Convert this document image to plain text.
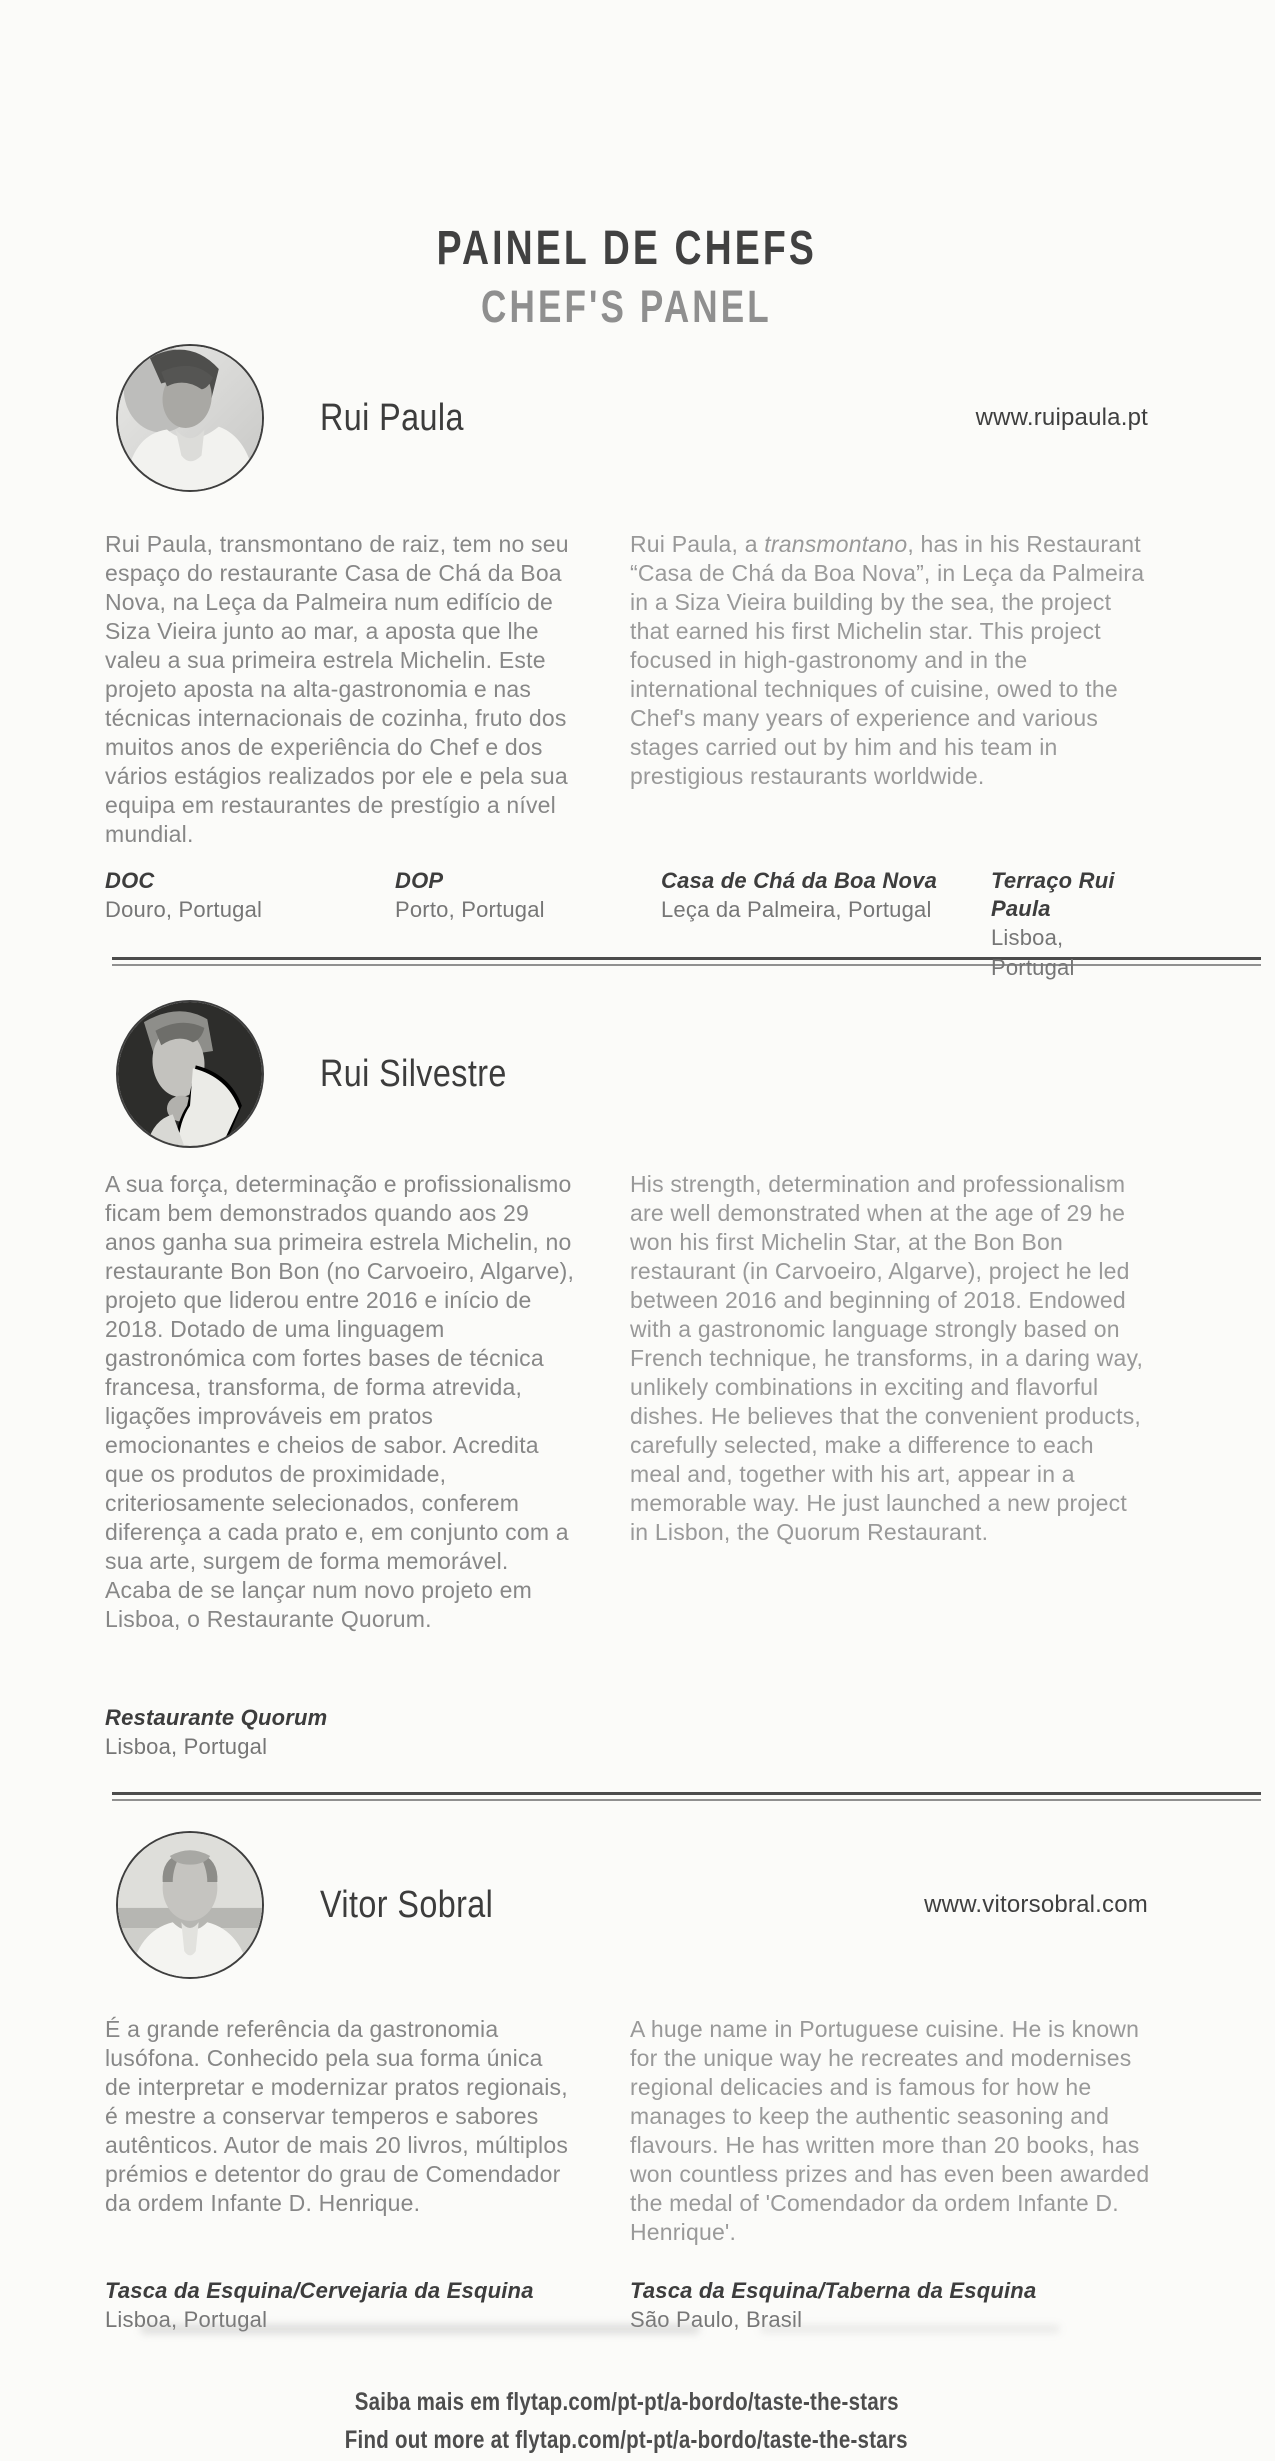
PAINEL DE CHEFS
CHEF'S PANEL
Rui Paula	www.ruipaula.pt

Rui Paula, transmontano de raiz, tem no seu espaço do restaurante Casa de Chá da Boa Nova, na Leça da Palmeira num edifício de Siza Vieira junto ao mar, a aposta que lhe valeu a sua primeira estrela Michelin. Este projeto aposta na alta-gastronomia e nas técnicas internacionais de cozinha, fruto dos muitos anos de experiência do Chef e dos vários estágios realizados por ele e pela sua equipa em restaurantes de prestígio a nível mundial.

Rui Paula, a transmontano, has in his Restaurant “Casa de Chá da Boa Nova”, in Leça da Palmeira in a Siza Vieira building by the sea, the project that earned his first Michelin star. This project focused in high-gastronomy and in the international techniques of cuisine, owed to the Chef's many years of experience and various stages carried out by him and his team in prestigious restaurants worldwide.

DOC
Douro, Portugal
DOP
Porto, Portugal
Casa de Chá da Boa Nova
Leça da Palmeira, Portugal
Terraço Rui Paula
Lisboa, Portugal
Rui Silvestre

A sua força, determinação e profissionalismo ficam bem demonstrados quando aos 29 anos ganha sua primeira estrela Michelin, no restaurante Bon Bon (no Carvoeiro, Algarve), projeto que liderou entre 2016 e início de 2018. Dotado de uma linguagem gastronómica com fortes bases de técnica francesa, transforma, de forma atrevida, ligações improváveis em pratos emocionantes e cheios de sabor. Acredita que os produtos de proximidade, criteriosamente selecionados, conferem diferença a cada prato e, em conjunto com a sua arte, surgem de forma memorável. Acaba de se lançar num novo projeto em Lisboa, o Restaurante Quorum.

Restaurante Quorum
Lisboa, Portugal

His strength, determination and professionalism are well demonstrated when at the age of 29 he won his first Michelin Star, at the Bon Bon restaurant (in Carvoeiro, Algarve), project he led between 2016 and beginning of 2018. Endowed with a gastronomic language strongly based on French technique, he transforms, in a daring way, unlikely combinations in exciting and flavorful dishes. He believes that the convenient products, carefully selected, make a difference to each meal and, together with his art, appear in a memorable way. He just launched a new project in Lisbon, the Quorum Restaurant.

Vitor Sobral	www.vitorsobral.com

É a grande referência da gastronomia lusófona. Conhecido pela sua forma única de interpretar e modernizar pratos regionais, é mestre a conservar temperos e sabores autênticos. Autor de mais 20 livros, múltiplos prémios e detentor do grau de Comendador da ordem Infante D. Henrique.

Tasca da Esquina/Cervejaria da Esquina
Lisboa, Portugal

A huge name in Portuguese cuisine. He is known for the unique way he recreates and modernises regional delicacies and is famous for how he manages to keep the authentic seasoning and flavours. He has written more than 20 books, has won countless prizes and has even been awarded the medal of 'Comendador da ordem Infante D. Henrique'.

Tasca da Esquina/Taberna da Esquina
São Paulo, Brasil
Saiba mais em flytap.com/pt-pt/a-bordo/taste-the-stars
Find out more at flytap.com/pt-pt/a-bordo/taste-the-stars
